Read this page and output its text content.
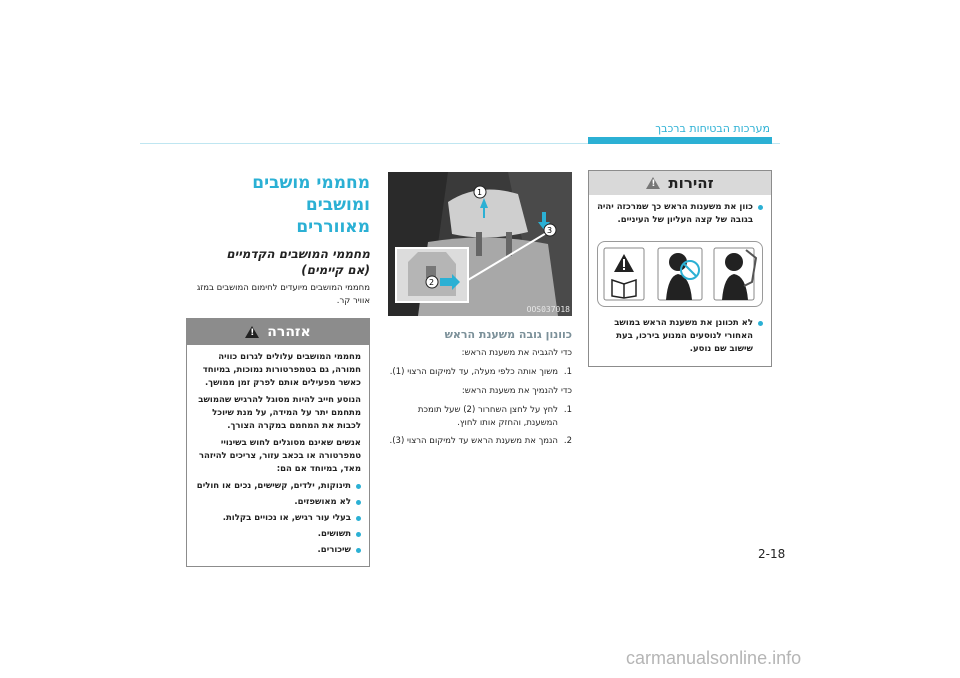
מערכות הבטיחות ברכבך
זהירות
!
כוון את משענות הראש כך שמרכזה יהיה בגובה של קצה העליון של העיניים.
לא תכוונן את משענת הראש במושב האחורי לנוסעים המנוע בירכו, בעת שישוב שם נוסע.
1
2
3
OOS037018
כוונון גובה משענת הראש
כדי להגביה את משענת הראש:
1.
משוך אותה כלפי מעלה, עד למיקום הרצוי (1).
כדי להנמיך את משענת הראש:
1.
לחץ על לחצן השחרור (2) שעל תומכת המשענת, והחזק אותו לחוץ.
2.
הנמך את משענת הראש עד למיקום הרצוי (3).
מחממי מושבים ומושבים
מאווררים
מחממי המושבים הקדמיים
(אם קיימים)
מחממי המושבים מיועדים לחימום המושבים במזג אוויר קר.
אזהרה
!

מחממי המושבים עלולים לגרום כוויה חמורה, גם בטמפרטורות נמוכות, במיוחד כאשר מפעילים אותם לפרק זמן ממושך.

הנוסע חייב להיות מסוגל להרגיש שהמושב מתחמם יתר על המידה, על מנת שיוכל לכבות את המחמם במקרה הצורך.

אנשים שאינם מסוגלים לחוש בשינויי טמפרטורה או בכאב עזור, צריכים להיזהר מאד, במיוחד אם הם:

תינוקות, ילדים, קשישים, נכים או חולים
לא מאושפזים.
בעלי עור רגיש, או נכויים בקלות.
תשושים.
שיכורים.	2-18
carmanualsonline.info
